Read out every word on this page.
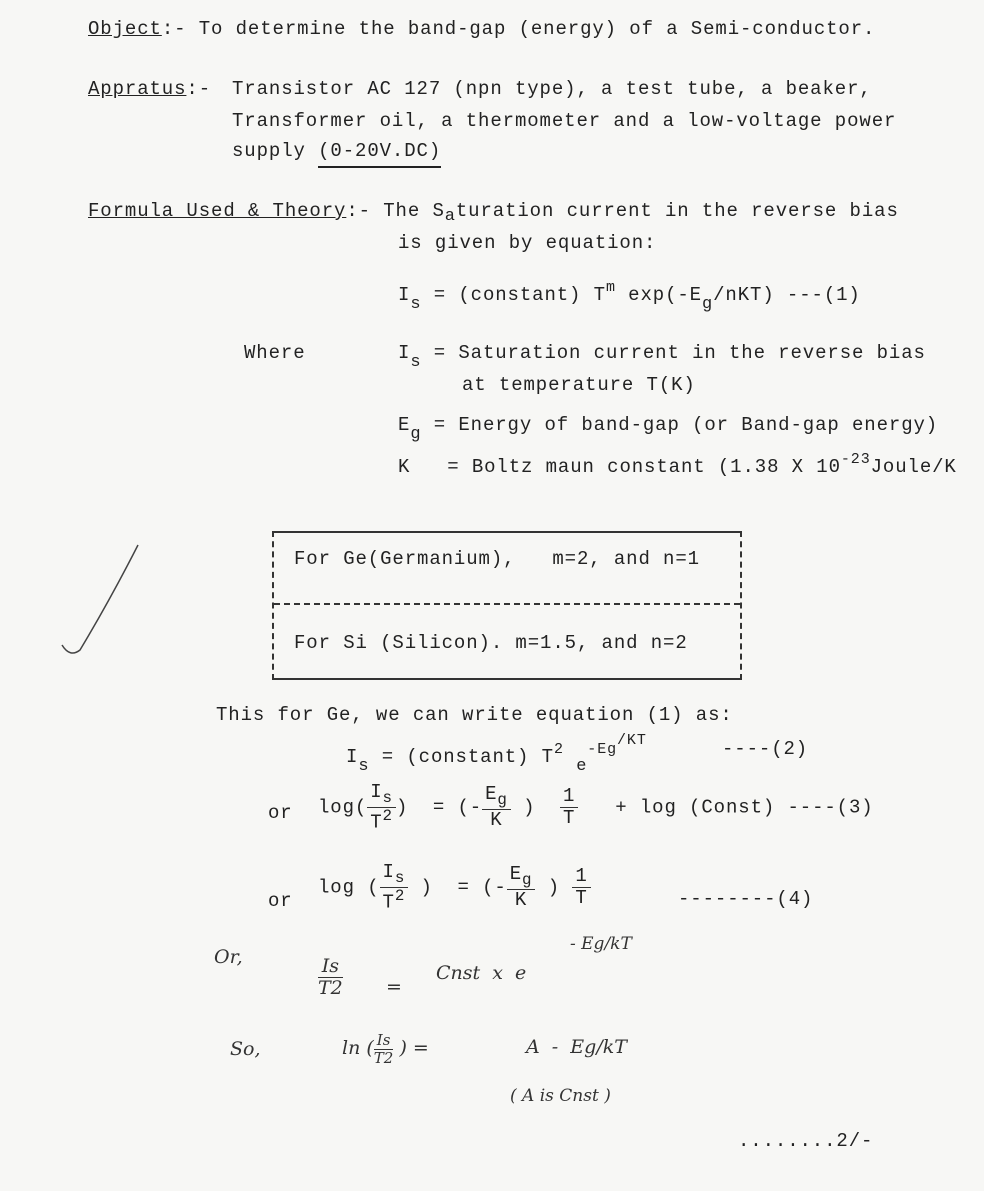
Object:- To determine the band-gap (energy) of a Semi-conductor.
Appratus:- Transistor AC 127 (npn type), a test tube, a beaker,
Transformer oil, a thermometer and a low-voltage power
supply (0-20V.DC)
Formula Used & Theory:- The Saturation current in the reverse bias
is given by equation:
Is = (constant) $T^m$ exp(-Eg/nKT) ---(1)
Where	Is = Saturation current in the reverse bias
at temperature T(K)
Eg = Energy of band-gap (or Band-gap energy)
K = Boltz maun constant (1.38 X $10^{-23}Joule/K$
For Ge(Germanium),   m=2, and n=1
For Si (Silicon). m=1.5, and n=2
This for Ge, we can write equation (1) as:
Is = (constant) $T^2$ $e^{-Eg/KT}$	----(2)
or $\log( \frac{I_s}{T^2}$ ) = (- $\frac{E_g}{K}$ ) $\frac{1}{T} + \log$ (Const) ----(3)
or
log ( $\frac{I_s}{T^2}$ ) = (- $\frac{E_g}{K}$ ) $\frac{1}{T}$	--------(4)
Or,	$\frac{Is}{T2}$ =
Cnst  x  e
- Eg/kT
So,	ln ( $\frac{Is}{T2}$ ) =	A  -  Eg/kT
( A is Cnst )
........2/-
